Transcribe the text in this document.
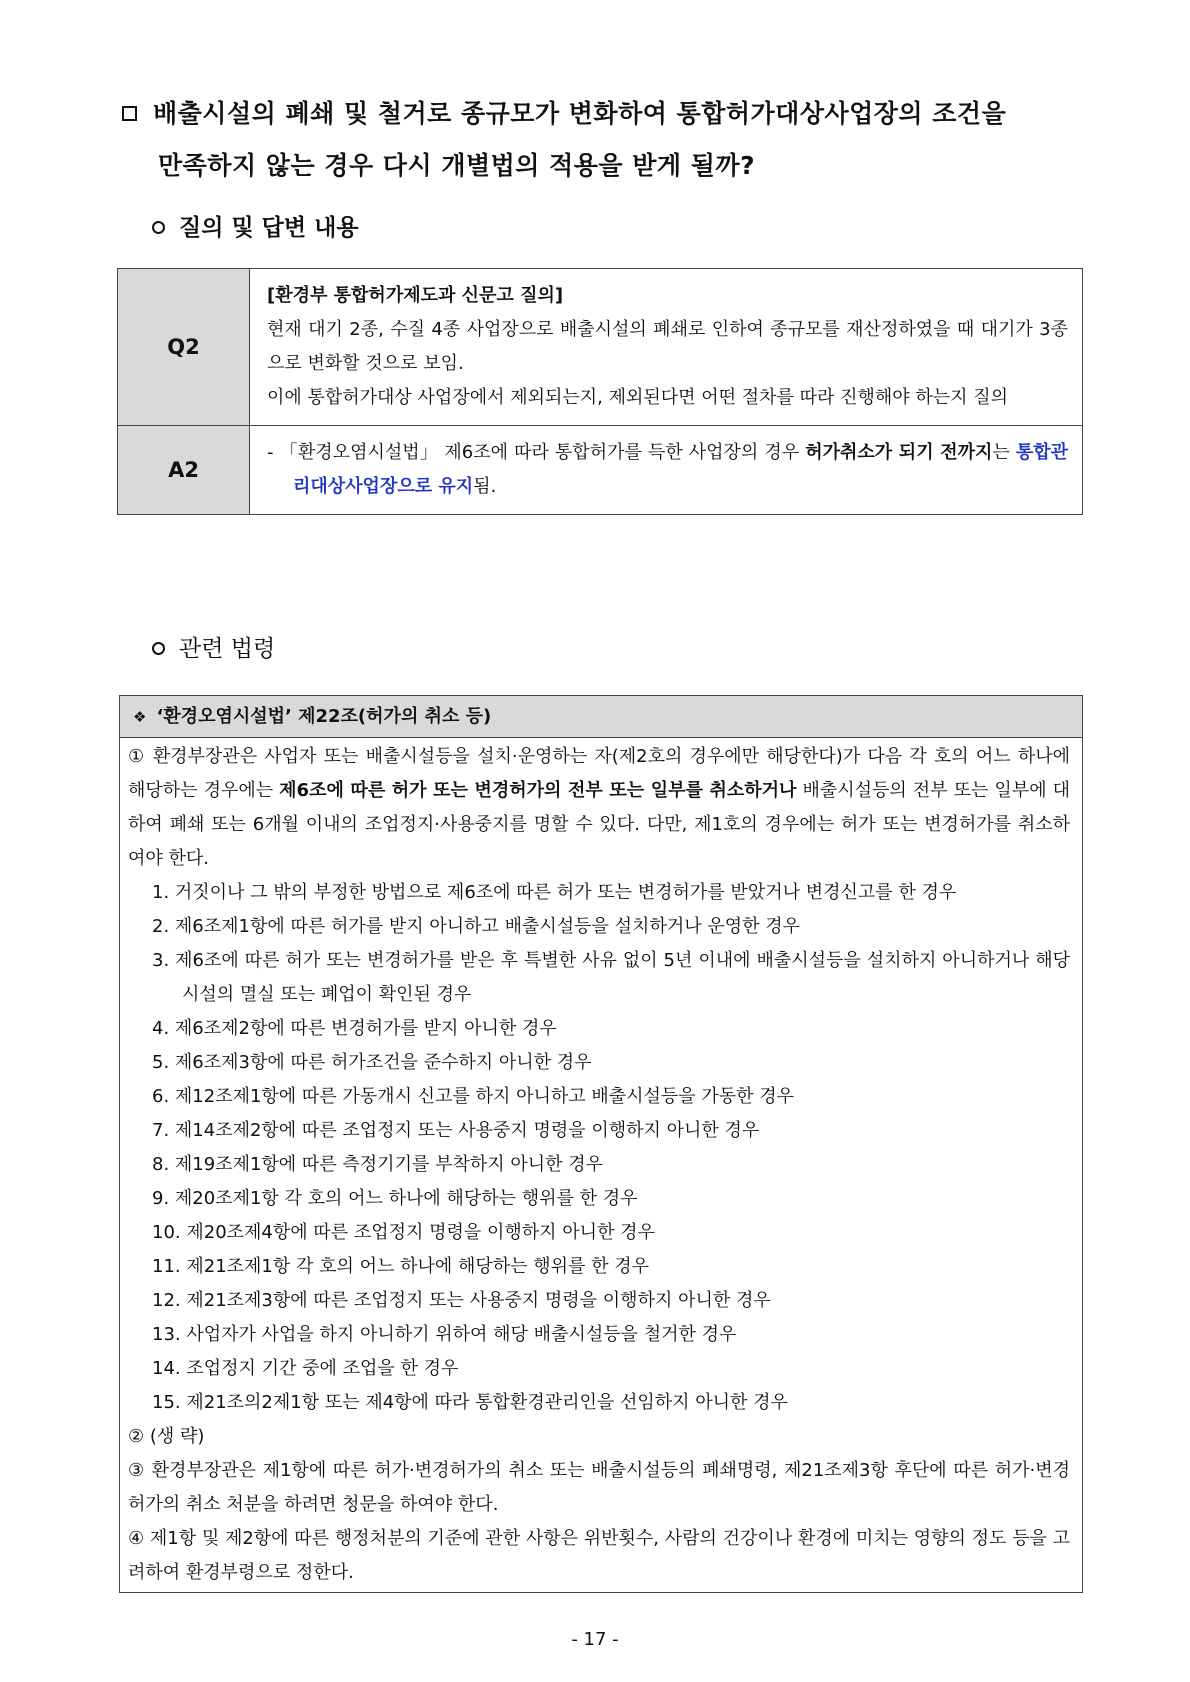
배출시설의 폐쇄 및 철거로 종규모가 변화하여 통합허가대상사업장의 조건을
만족하지 않는 경우 다시 개별법의 적용을 받게 될까?
질의 및 답변 내용
Q2	[환경부 통합허가제도과 신문고 질의]
현재 대기 2종, 수질 4종 사업장으로 배출시설의 폐쇄로 인하여 종규모를 재산정하였을 때 대기가 3종으로 변화할 것으로 보임.
이에 통합허가대상 사업장에서 제외되는지, 제외된다면 어떤 절차를 따라 진행해야 하는지 질의

A2	- 「환경오염시설법」 제6조에 따라 통합허가를 득한 사업장의 경우 허가취소가 되기 전까지는 통합관리대상사업장으로 유지됨.
관련 법령
❖ ‘환경오염시설법’ 제22조(허가의 취소 등)
① 환경부장관은 사업자 또는 배출시설등을 설치·운영하는 자(제2호의 경우에만 해당한다)가 다음 각 호의 어느 하나에 해당하는 경우에는 제6조에 따른 허가 또는 변경허가의 전부 또는 일부를 취소하거나 배출시설등의 전부 또는 일부에 대하여 폐쇄 또는 6개월 이내의 조업정지·사용중지를 명할 수 있다. 다만, 제1호의 경우에는 허가 또는 변경허가를 취소하여야 한다.
1. 거짓이나 그 밖의 부정한 방법으로 제6조에 따른 허가 또는 변경허가를 받았거나 변경신고를 한 경우
2. 제6조제1항에 따른 허가를 받지 아니하고 배출시설등을 설치하거나 운영한 경우
3. 제6조에 따른 허가 또는 변경허가를 받은 후 특별한 사유 없이 5년 이내에 배출시설등을 설치하지 아니하거나 해당 시설의 멸실 또는 폐업이 확인된 경우
4. 제6조제2항에 따른 변경허가를 받지 아니한 경우
5. 제6조제3항에 따른 허가조건을 준수하지 아니한 경우
6. 제12조제1항에 따른 가동개시 신고를 하지 아니하고 배출시설등을 가동한 경우
7. 제14조제2항에 따른 조업정지 또는 사용중지 명령을 이행하지 아니한 경우
8. 제19조제1항에 따른 측정기기를 부착하지 아니한 경우
9. 제20조제1항 각 호의 어느 하나에 해당하는 행위를 한 경우
10. 제20조제4항에 따른 조업정지 명령을 이행하지 아니한 경우
11. 제21조제1항 각 호의 어느 하나에 해당하는 행위를 한 경우
12. 제21조제3항에 따른 조업정지 또는 사용중지 명령을 이행하지 아니한 경우
13. 사업자가 사업을 하지 아니하기 위하여 해당 배출시설등을 철거한 경우
14. 조업정지 기간 중에 조업을 한 경우
15. 제21조의2제1항 또는 제4항에 따라 통합환경관리인을 선임하지 아니한 경우
② (생 략)
③ 환경부장관은 제1항에 따른 허가·변경허가의 취소 또는 배출시설등의 폐쇄명령, 제21조제3항 후단에 따른 허가·변경허가의 취소 처분을 하려면 청문을 하여야 한다.
④ 제1항 및 제2항에 따른 행정처분의 기준에 관한 사항은 위반횟수, 사람의 건강이나 환경에 미치는 영향의 정도 등을 고려하여 환경부령으로 정한다.
- 17 -
